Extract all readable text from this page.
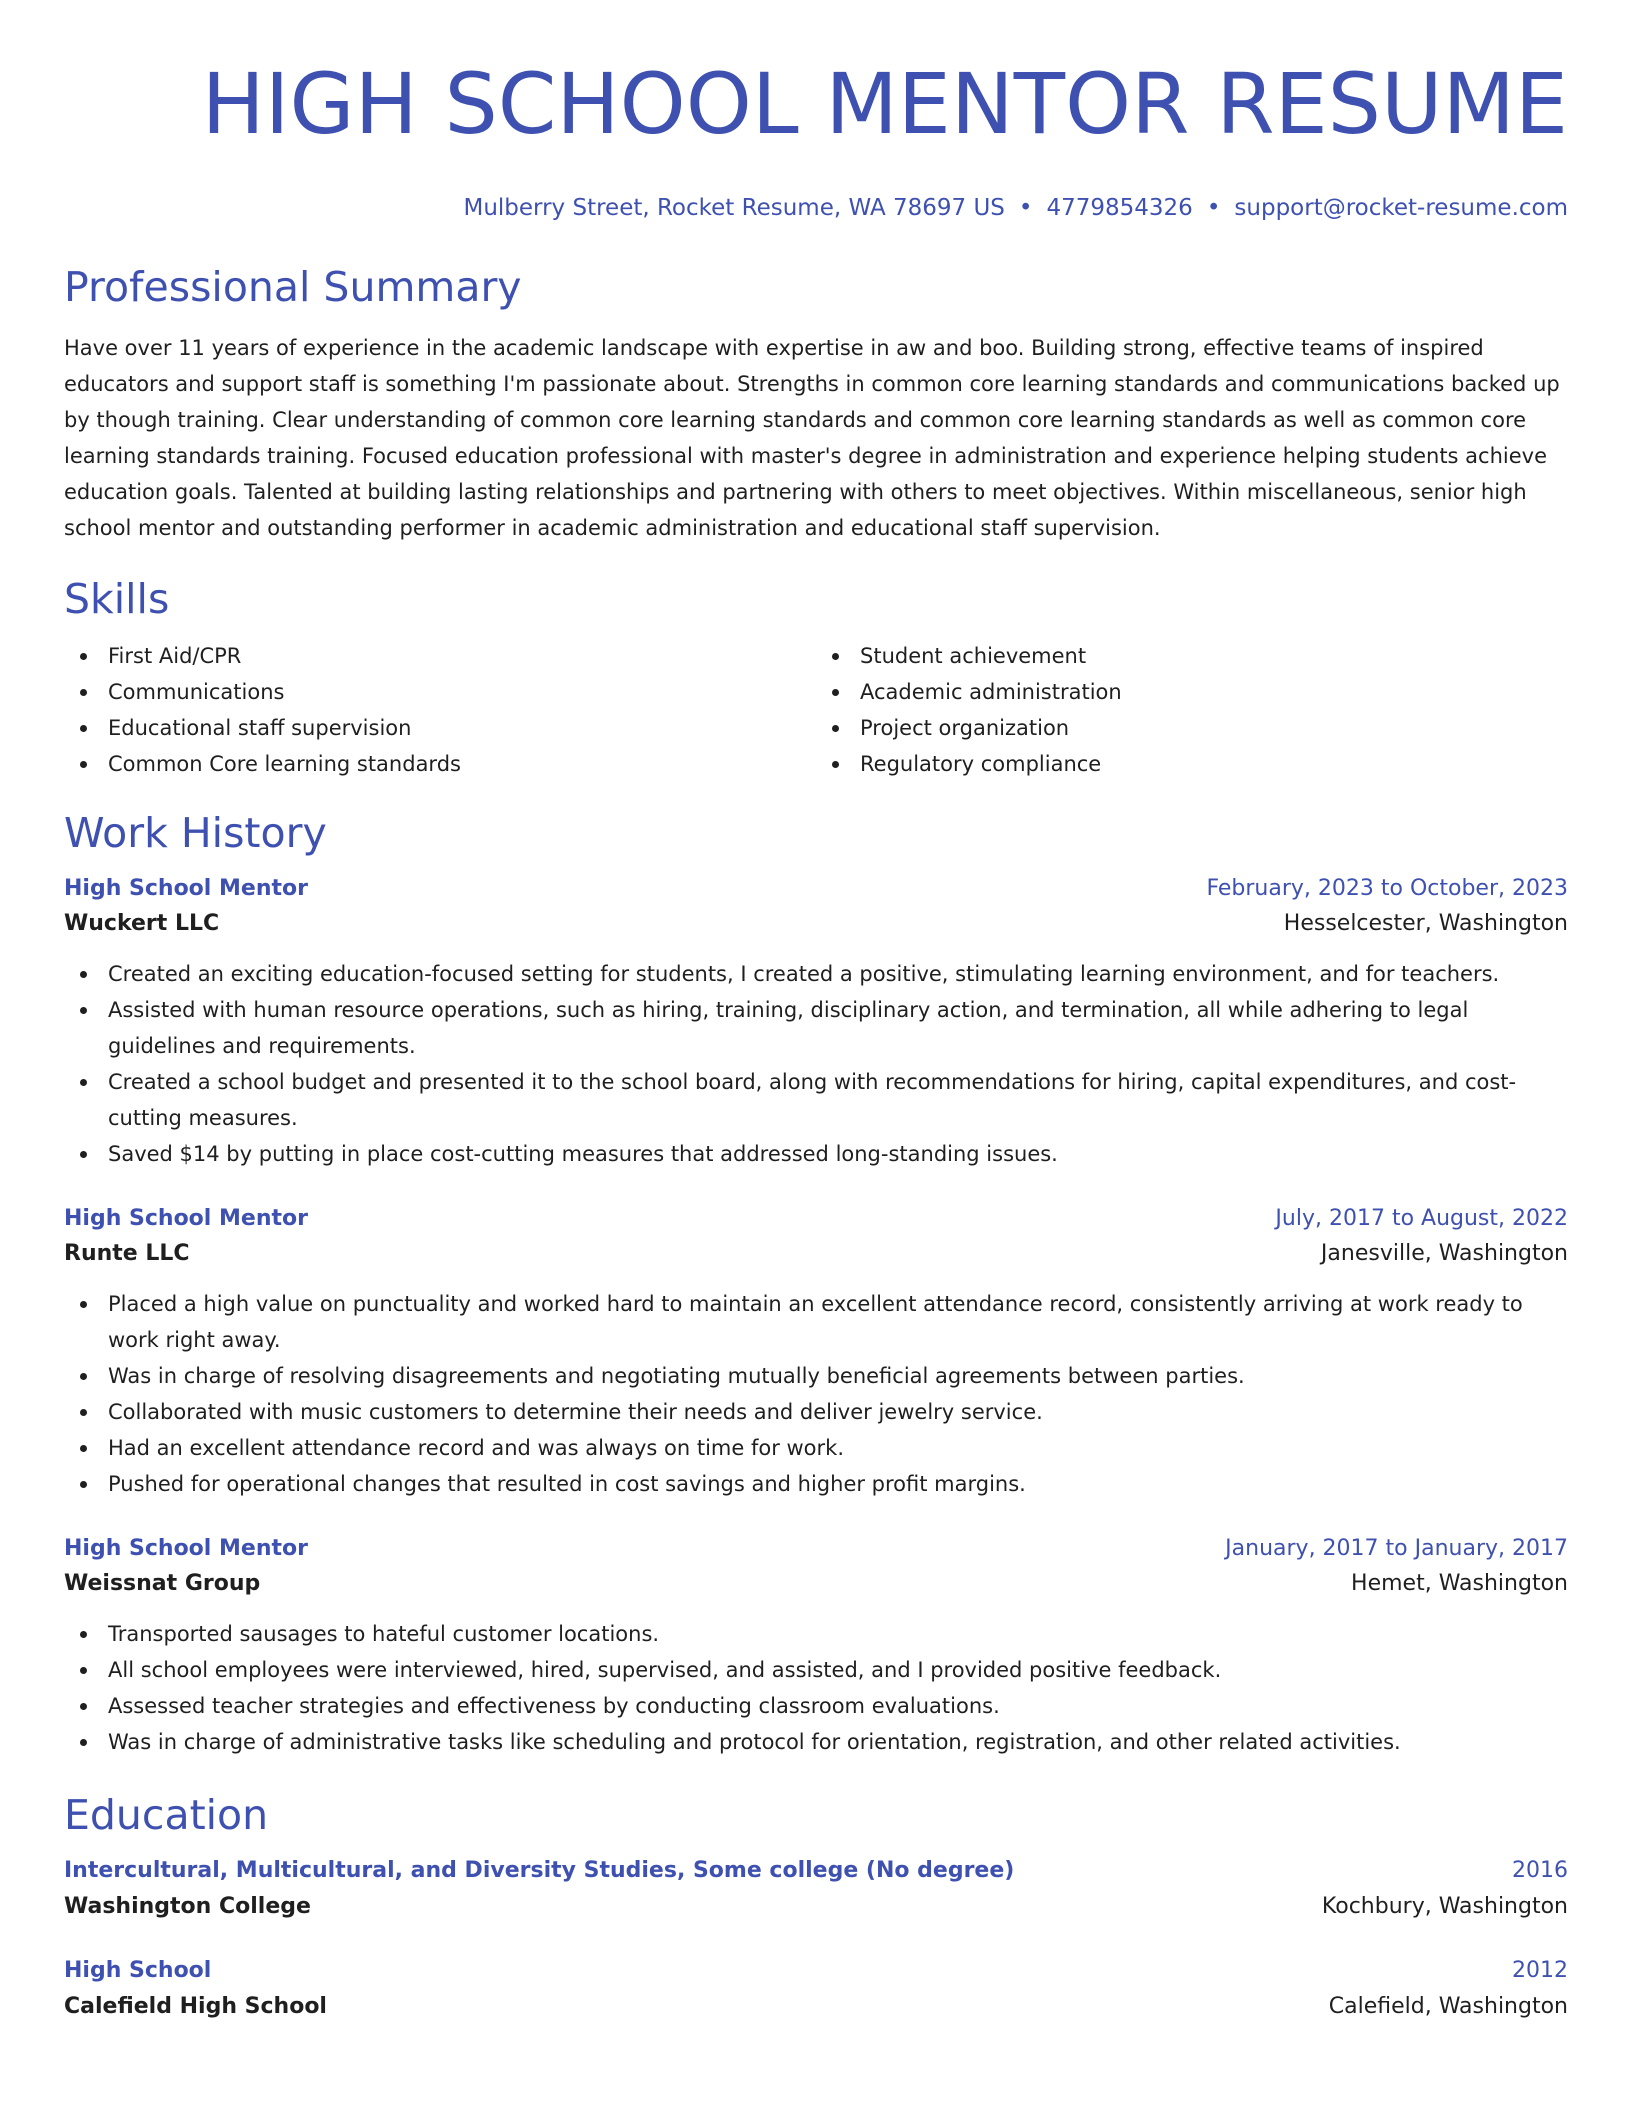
HIGH SCHOOL MENTOR RESUME
Mulberry Street, Rocket Resume, WA 78697 US • 4779854326 • support@rocket-resume.com
Professional Summary

Have over 11 years of experience in the academic landscape with expertise in aw and boo. Building strong, effective teams of inspired educators and support staff is something I'm passionate about. Strengths in common core learning standards and communications backed up by though training. Clear understanding of common core learning standards and common core learning standards as well as common core learning standards training. Focused education professional with master's degree in administration and experience helping students achieve education goals. Talented at building lasting relationships and partnering with others to meet objectives. Within miscellaneous, senior high school mentor and outstanding performer in academic administration and educational staff supervision.

Skills
First Aid/CPR
Communications
Educational staff supervision
Common Core learning standards
Student achievement
Academic administration
Project organization
Regulatory compliance
Work History
High School Mentor	February, 2023 to October, 2023
Wuckert LLC	Hesselcester, Washington
Created an exciting education-focused setting for students, I created a positive, stimulating learning environment, and for teachers.
Assisted with human resource operations, such as hiring, training, disciplinary action, and termination, all while adhering to legal guidelines and requirements.
Created a school budget and presented it to the school board, along with recommendations for hiring, capital expenditures, and cost-cutting measures.
Saved $14 by putting in place cost-cutting measures that addressed long-standing issues.
High School Mentor	July, 2017 to August, 2022
Runte LLC	Janesville, Washington
Placed a high value on punctuality and worked hard to maintain an excellent attendance record, consistently arriving at work ready to work right away.
Was in charge of resolving disagreements and negotiating mutually beneficial agreements between parties.
Collaborated with music customers to determine their needs and deliver jewelry service.
Had an excellent attendance record and was always on time for work.
Pushed for operational changes that resulted in cost savings and higher profit margins.
High School Mentor	January, 2017 to January, 2017
Weissnat Group	Hemet, Washington
Transported sausages to hateful customer locations.
All school employees were interviewed, hired, supervised, and assisted, and I provided positive feedback.
Assessed teacher strategies and effectiveness by conducting classroom evaluations.
Was in charge of administrative tasks like scheduling and protocol for orientation, registration, and other related activities.
Education
Intercultural, Multicultural, and Diversity Studies, Some college (No degree)	2016
Washington College	Kochbury, Washington
High School	2012
Calefield High School	Calefield, Washington
